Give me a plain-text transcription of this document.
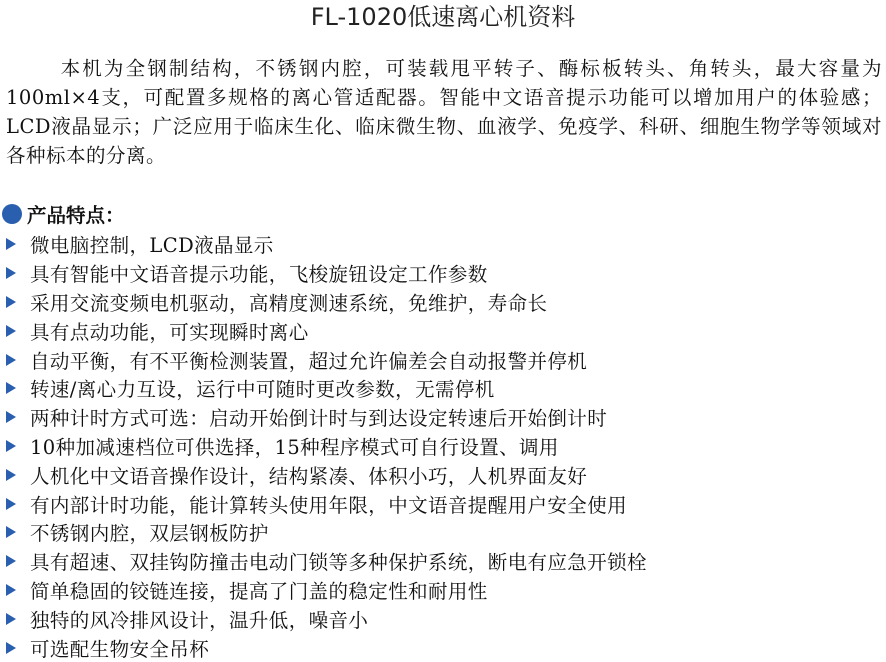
FL-1020低速离心机资料

本机为全钢制结构，不锈钢内腔，可装载甩平转子、酶标板转头、角转头，最大容量为100ml×4支，可配置多规格的离心管适配器。智能中文语音提示功能可以增加用户的体验感；LCD液晶显示；广泛应用于临床生化、临床微生物、血液学、免疫学、科研、细胞生物学等领域对各种标本的分离。

产品特点：
微电脑控制，LCD液晶显示
具有智能中文语音提示功能，飞梭旋钮设定工作参数
采用交流变频电机驱动，高精度测速系统，免维护，寿命长
具有点动功能，可实现瞬时离心
自动平衡，有不平衡检测装置，超过允许偏差会自动报警并停机
转速/离心力互设，运行中可随时更改参数，无需停机
两种计时方式可选：启动开始倒计时与到达设定转速后开始倒计时
10种加减速档位可供选择，15种程序模式可自行设置、调用
人机化中文语音操作设计，结构紧凑、体积小巧，人机界面友好
有内部计时功能，能计算转头使用年限，中文语音提醒用户安全使用
不锈钢内腔，双层钢板防护
具有超速、双挂钩防撞击电动门锁等多种保护系统，断电有应急开锁栓
简单稳固的铰链连接，提高了门盖的稳定性和耐用性
独特的风冷排风设计，温升低，噪音小
可选配生物安全吊杯
